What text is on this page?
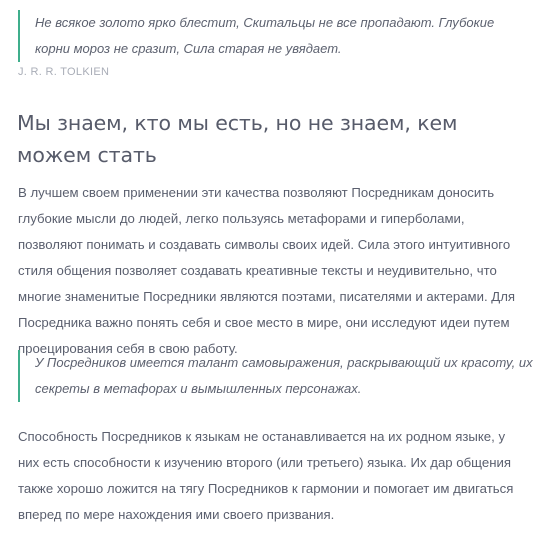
Не всякое золото ярко блестит, Скитальцы не все пропадают. Глубокие корни мороз не сразит, Сила старая не увядает.
J. R. R. TOLKIEN
Мы знаем, кто мы есть, но не знаем, кем можем стать

В лучшем своем применении эти качества позволяют Посредникам доносить глубокие мысли до людей, легко пользуясь метафорами и гиперболами, позволяют понимать и создавать символы своих идей. Сила этого интуитивного стиля общения позволяет создавать креативные тексты и неудивительно, что многие знаменитые Посредники являются поэтами, писателями и актерами. Для Посредника важно понять себя и свое место в мире, они исследуют идеи путем проецирования себя в свою работу.

У Посредников имеется талант самовыражения, раскрывающий их красоту, их секреты в метафорах и вымышленных персонажах.

Способность Посредников к языкам не останавливается на их родном языке, у них есть способности к изучению второго (или третьего) языка. Их дар общения также хорошо ложится на тягу Посредников к гармонии и помогает им двигаться вперед по мере нахождения ими своего призвания.
